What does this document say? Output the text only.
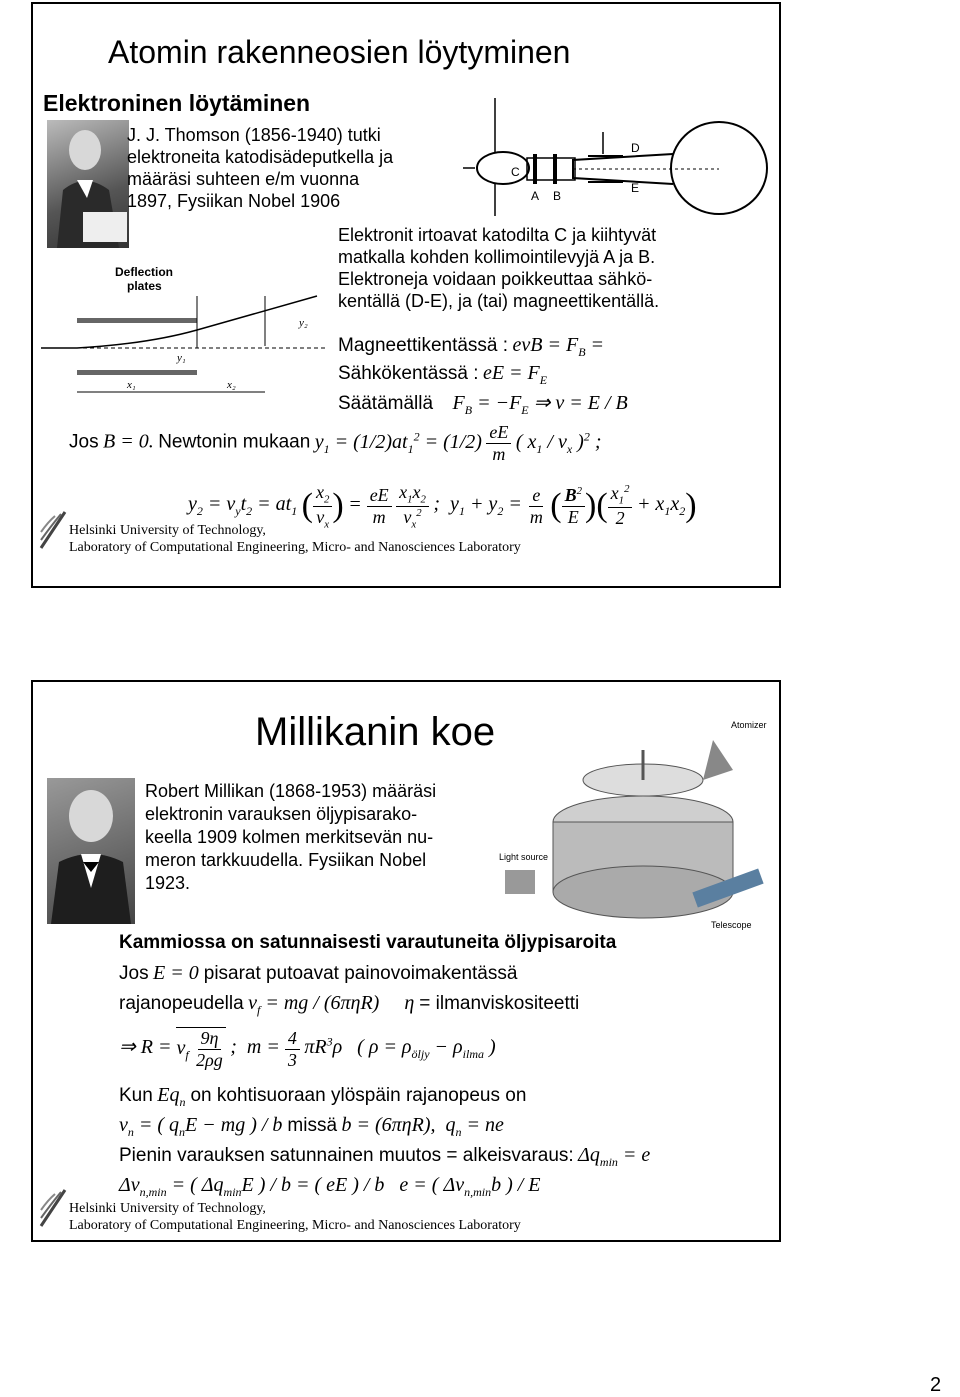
Atomin rakenneosien löytyminen
Elektroninen löytäminen
J. J. Thomson (1856-1940) tutki
elektroneita katodisädeputkella ja
määräsi suhteen e/m vuonna
1897, Fysiikan Nobel 1906
C
A B
D
E
Elektronit irtoavat katodilta C ja kiihtyvät
matkalla kohden kollimointilevyjä A ja B.
Elektroneja voidaan poikkeuttaa sähkö-
kentällä (D-E), ja (tai) magneettikentällä.
Deflection
plates
x₁	x₂
y₂
y₁
Magneettikentässä : evB = $F_B$ =
Sähkökentässä : eE = $F_E$
Säätämällä    $F_B = -F_E$ ⇒ v = E / B
Jos B = 0. Newtonin mukaan $y_1 = (1/2)at_1^2 = (1/2) \frac{eE}{m}$ ( $x_1 / v_x$ )$^2$ ;
$y_2 = v_yt_2 = at_1$ ( $\frac{x_2}{v_x}$ ) = $\frac{eE}{m}$
$\frac{x_1x_2}{v_x^2}$ ;  $y_1 + y_2 = \frac{e}{m}$ ( $\frac{B^2}{E}$ )( $\frac{x_1^2}{2} + x_1x_2$)
Helsinki University of Technology,
Laboratory of Computational Engineering, Micro- and Nanosciences Laboratory
Millikanin koe
Robert Millikan (1868-1953) määräsi
elektronin varauksen öljypisarako-
keella 1909 kolmen merkitsevän nu-
meron tarkkuudella. Fysiikan Nobel
1923.
Atomizer
Light source
Telescope
Kammiossa on satunnaisesti varautuneita öljypisaroita
Jos E = 0 pisarat putoavat painovoimakentässä
rajanopeudella $v_f$ = mg / (6πηR)     η = ilmanviskositeetti
⇒ $R = v_f \frac{9\eta}{2\rho g}$ ;  $m = \frac{4}{3} \pi R^3\rho$   ( $\rho = \rho_{öljy} - \rho_{ilma}$ )
Kun $Eq_n$ on kohtisuoraan ylöspäin rajanopeus on
$v_n$ = ( $q_nE$ − mg ) / b missä b = (6πηR),  $q_n$ = ne
Pienin varauksen satunnainen muutos = alkeisvaraus: $\Delta q_{min} = e$
$\Delta v_{n,min}$ = ( $\Delta q_{min}E$ ) / b = ( eE ) / b   e = ( $\Delta v_{n,min}b$ ) / E
Helsinki University of Technology,
Laboratory of Computational Engineering, Micro- and Nanosciences Laboratory
2
